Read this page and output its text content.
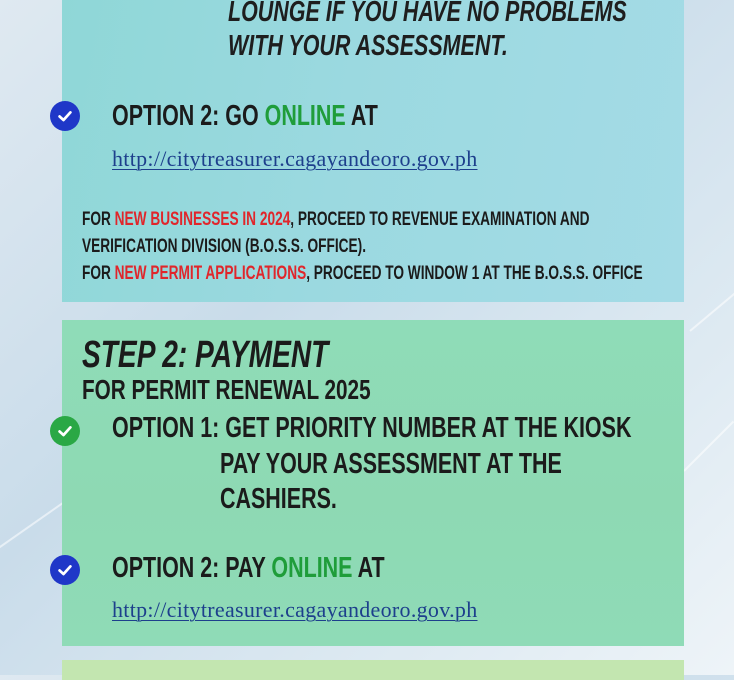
LOUNGE IF YOU HAVE NO PROBLEMS
WITH YOUR ASSESSMENT.
OPTION 2: GO ONLINE AT
http://citytreasurer.cagayandeoro.gov.ph
FOR NEW BUSINESSES IN 2024, PROCEED TO REVENUE EXAMINATION AND
VERIFICATION DIVISION (B.O.S.S. OFFICE).
FOR NEW PERMIT APPLICATIONS, PROCEED TO WINDOW 1 AT THE B.O.S.S. OFFICE
STEP 2: PAYMENT
FOR PERMIT RENEWAL 2025
OPTION 1: GET PRIORITY NUMBER AT THE KIOSK
PAY YOUR ASSESSMENT AT THE
CASHIERS.
OPTION 2: PAY ONLINE AT
http://citytreasurer.cagayandeoro.gov.ph
